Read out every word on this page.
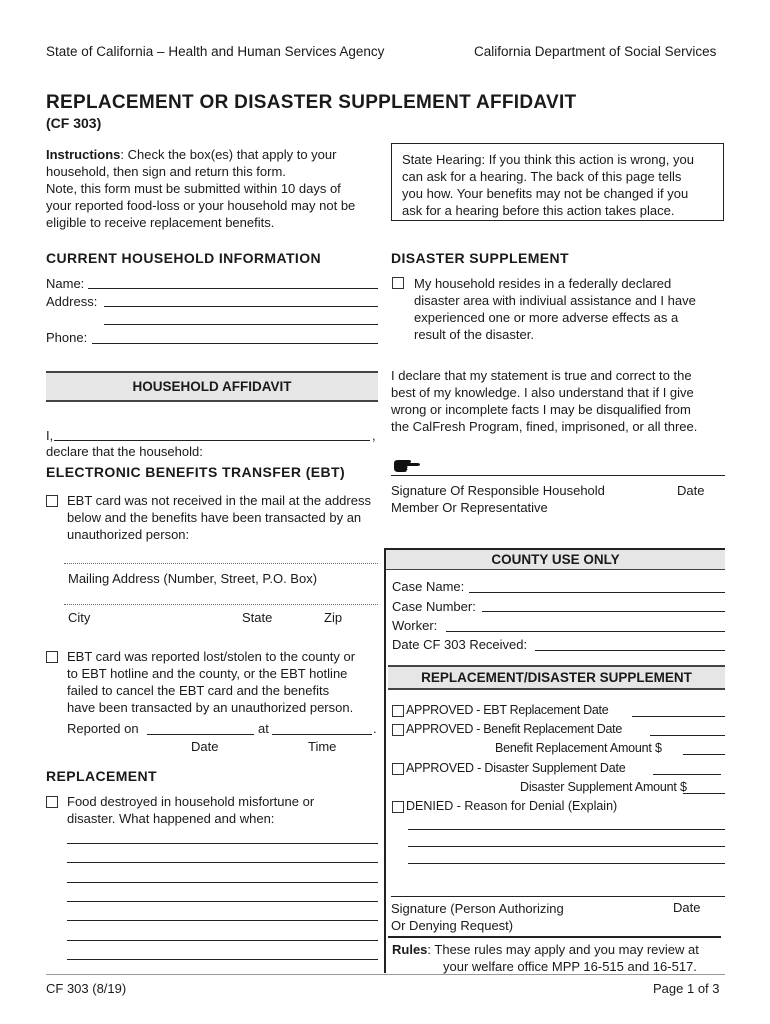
State of California – Health and Human Services Agency	California Department of Social Services
REPLACEMENT OR DISASTER SUPPLEMENT AFFIDAVIT
(CF 303)
Instructions: Check the box(es) that apply to your
household, then sign and return this form.
Note, this form must be submitted within 10 days of
your reported food-loss or your household may not be
eligible to receive replacement benefits.
State Hearing: If you think this action is wrong, you
can ask for a hearing. The back of this page tells
you how. Your benefits may not be changed if you
ask for a hearing before this action takes place.
CURRENT HOUSEHOLD INFORMATION
Name:
Address:
Phone:
DISASTER SUPPLEMENT
My household resides in a federally declared
disaster area with indiviual assistance and I have
experienced one or more adverse effects as a
result of the disaster.
HOUSEHOLD AFFIDAVIT
I,	,
declare that the household:
I declare that my statement is true and correct to the
best of my knowledge. I also understand that if I give
wrong or incomplete facts I may be disqualified from
the CalFresh Program, fined, imprisoned, or all three.
Signature Of Responsible Household
Member Or Representative
Date
ELECTRONIC BENEFITS TRANSFER (EBT)
EBT card was not received in the mail at the address
below and the benefits have been transacted by an
unauthorized person:
Mailing Address (Number, Street, P.O. Box)
City	State	Zip
EBT card was reported lost/stolen to the county or
to EBT hotline and the county, or the EBT hotline
failed to cancel the EBT card and the benefits
have been transacted by an unauthorized person.
Reported on	at	.
Date	Time
REPLACEMENT
Food destroyed in household misfortune or
disaster. What happened and when:
COUNTY USE ONLY
Case Name:
Case Number:
Worker:
Date CF 303 Received:
REPLACEMENT/DISASTER SUPPLEMENT
APPROVED - EBT Replacement Date
APPROVED - Benefit Replacement Date
Benefit Replacement Amount $
APPROVED - Disaster Supplement Date
Disaster Supplement Amount $
DENIED - Reason for Denial (Explain)
Signature (Person Authorizing
Or Denying Request)
Date
Rules: These rules may apply and you may review at
your welfare office MPP 16-515 and 16-517.
CF 303 (8/19)	Page 1 of 3
